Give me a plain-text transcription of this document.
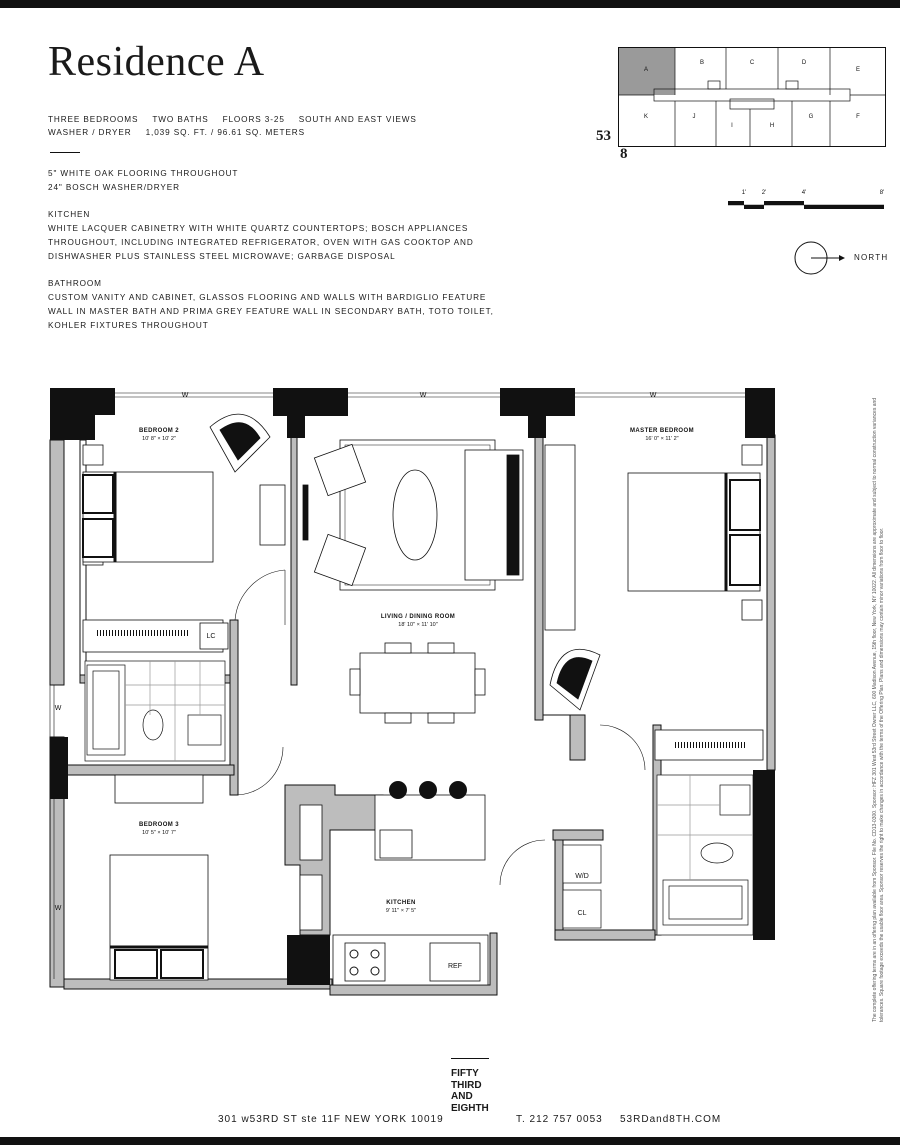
Residence A
THREE BEDROOMS TWO BATHS FLOORS 3-25 SOUTH AND EAST VIEWS
WASHER / DRYER 1,039 SQ. FT. / 96.61 SQ. METERS
5" WHITE OAK FLOORING THROUGHOUT
24" BOSCH WASHER/DRYER
KITCHEN
WHITE LACQUER CABINETRY WITH WHITE QUARTZ COUNTERTOPS; BOSCH APPLIANCES
THROUGHOUT, INCLUDING INTEGRATED REFRIGERATOR, OVEN WITH GAS COOKTOP AND
DISHWASHER PLUS STAINLESS STEEL MICROWAVE; GARBAGE DISPOSAL
BATHROOM
CUSTOM VANITY AND CABINET, GLASSOS FLOORING AND WALLS WITH BARDIGLIO FEATURE
WALL IN MASTER BATH AND PRIMA GREY FEATURE WALL IN SECONDARY BATH, TOTO TOILET,
KOHLER FIXTURES THROUGHOUT
A
B	C	D
E
K	J
I	H
G	F
53
8
1'	2'	4'	8'
NORTH
W	W	W
W
W
BEDROOM 2
10' 8" × 10' 2"
MASTER BEDROOM
16' 0" × 11' 2"
LIVING / DINING ROOM
18' 10" × 11' 10"
BEDROOM 3
10' 5" × 10' 7"
KITCHEN
9' 11" × 7' 5"
LC
W/D
CL
REF
FIFTY
THIRD
AND
EIGHTH
301 w53RD ST ste 11F NEW YORK 10019	T. 212 757 0053 53RDand8TH.COM
The complete offering terms are in an offering plan available from Sponsor. File No. CD13-0300. Sponsor: HFZ 301 West 53rd Street Owner LLC, 600 Madison Avenue, 15th floor, New York, NY 10022. All dimensions are approximate and subject to normal construction variances and tolerances. Square footage exceeds the usable floor area. Sponsor reserves the right to make changes in accordance with the terms of the Offering Plan. Plans and dimensions may contain minor variations from floor to floor.
